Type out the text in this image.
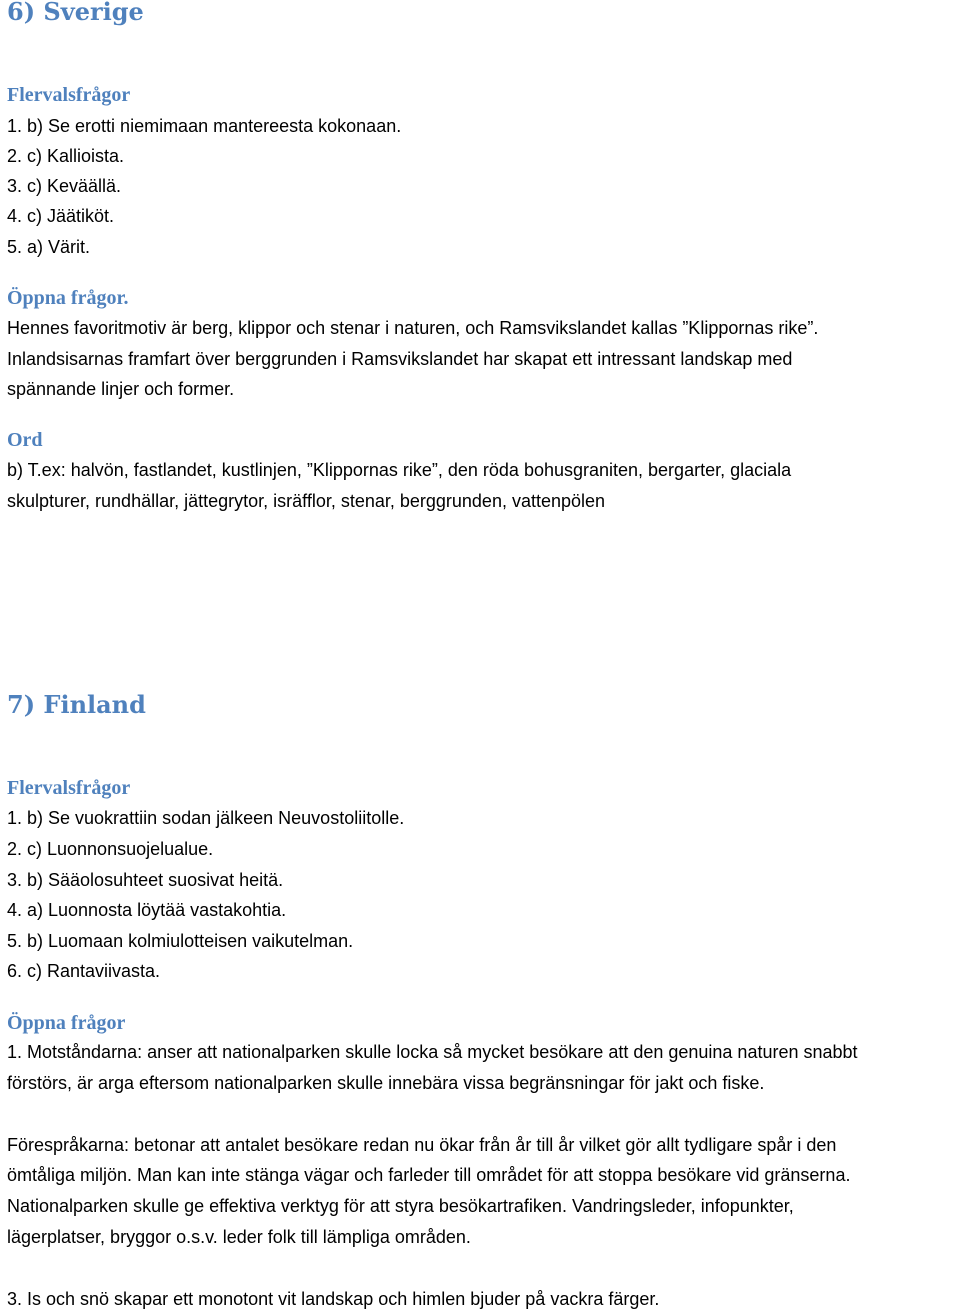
6) Sverige
Flervalsfrågor
1. b) Se erotti niemimaan mantereesta kokonaan.
2. c) Kallioista.
3. c) Keväällä.
4. c) Jäätiköt.
5. a) Värit.
Öppna frågor.
Hennes favoritmotiv är berg, klippor och stenar i naturen, och Ramsvikslandet kallas ”Klippornas rike”.
Inlandsisarnas framfart över berggrunden i Ramsvikslandet har skapat ett intressant landskap med
spännande linjer och former.
Ord
b) T.ex: halvön, fastlandet, kustlinjen, ”Klippornas rike”, den röda bohusgraniten, bergarter, glaciala
skulpturer, rundhällar, jättegrytor, isräfflor, stenar, berggrunden, vattenpölen
7) Finland
Flervalsfrågor
1. b) Se vuokrattiin sodan jälkeen Neuvostoliitolle.
2. c) Luonnonsuojelualue.
3. b) Sääolosuhteet suosivat heitä.
4. a) Luonnosta löytää vastakohtia.
5. b) Luomaan kolmiulotteisen vaikutelman.
6. c) Rantaviivasta.
Öppna frågor
1. Motståndarna: anser att nationalparken skulle locka så mycket besökare att den genuina naturen snabbt
förstörs, är arga eftersom nationalparken skulle innebära vissa begränsningar för jakt och fiske.
Förespråkarna: betonar att antalet besökare redan nu ökar från år till år vilket gör allt tydligare spår i den
ömtåliga miljön. Man kan inte stänga vägar och farleder till området för att stoppa besökare vid gränserna.
Nationalparken skulle ge effektiva verktyg för att styra besökartrafiken. Vandringsleder, infopunkter,
lägerplatser, bryggor o.s.v. leder folk till lämpliga områden.
3. Is och snö skapar ett monotont vit landskap och himlen bjuder på vackra färger.
